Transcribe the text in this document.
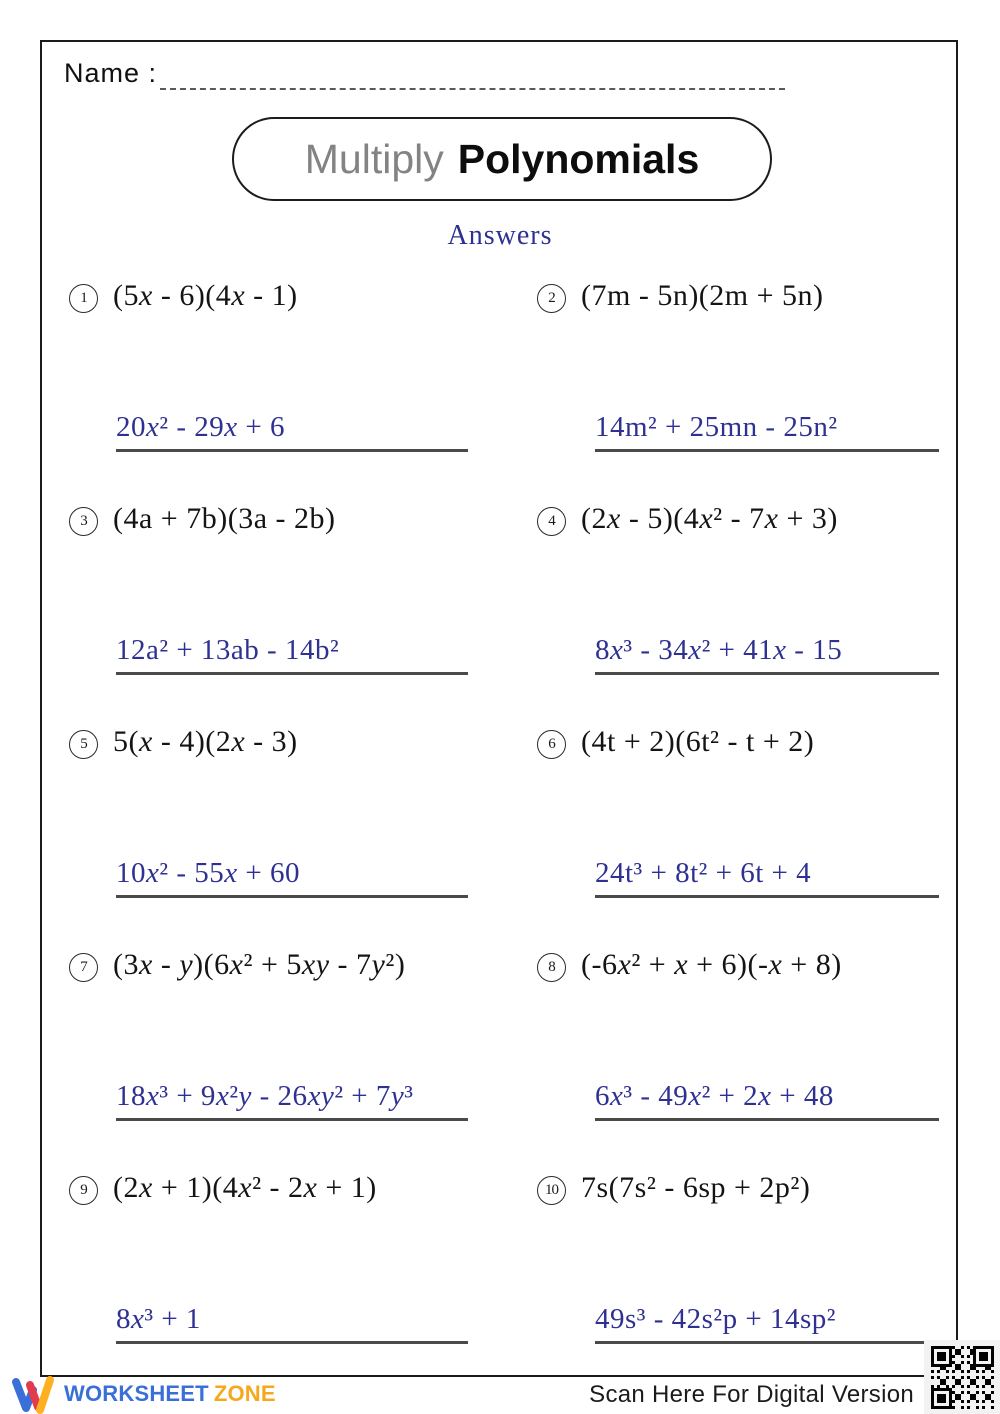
Name :
Multiply Polynomials
Answers
1 (5x - 6)(4x - 1)
20x² - 29x + 6
2 (7m - 5n)(2m + 5n)
14m² + 25mn - 25n²
3 (4a + 7b)(3a - 2b)
12a² + 13ab - 14b²
4 (2x - 5)(4x² - 7x + 3)
8x³ - 34x² + 41x - 15
5 5(x - 4)(2x - 3)
10x² - 55x + 60
6 (4t + 2)(6t² - t + 2)
24t³ + 8t² + 6t + 4
7 (3x - y)(6x² + 5xy - 7y²)
18x³ + 9x²y - 26xy² + 7y³
8 (-6x² + x + 6)(-x + 8)
6x³ - 49x² + 2x + 48
9 (2x + 1)(4x² - 2x + 1)
8x³ + 1
10 7s(7s² - 6sp + 2p²)
49s³ - 42s²p + 14sp²
WORKSHEET ZONE	Scan Here For Digital Version
